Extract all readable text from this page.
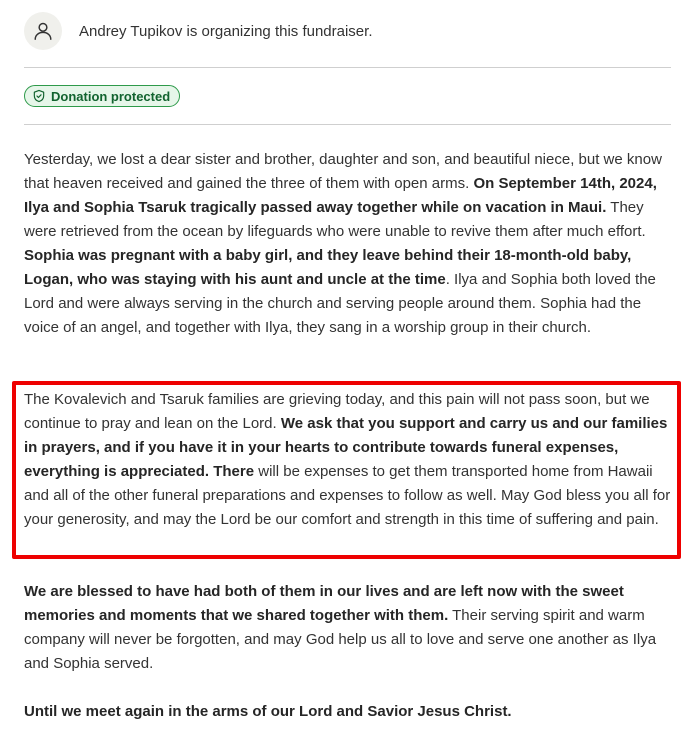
Andrey Tupikov is organizing this fundraiser.
Donation protected

Yesterday, we lost a dear sister and brother, daughter and son, and beautiful niece, but we know that heaven received and gained the three of them with open arms. On September 14th, 2024, Ilya and Sophia Tsaruk tragically passed away together while on vacation in Maui. They were retrieved from the ocean by lifeguards who were unable to revive them after much effort. Sophia was pregnant with a baby girl, and they leave behind their 18-month-old baby, Logan, who was staying with his aunt and uncle at the time. Ilya and Sophia both loved the Lord and were always serving in the church and serving people around them. Sophia had the voice of an angel, and together with Ilya, they sang in a worship group in their church.

The Kovalevich and Tsaruk families are grieving today, and this pain will not pass soon, but we continue to pray and lean on the Lord. We ask that you support and carry us and our families in prayers, and if you have it in your hearts to contribute towards funeral expenses, everything is appreciated. There will be expenses to get them transported home from Hawaii and all of the other funeral preparations and expenses to follow as well. May God bless you all for your generosity, and may the Lord be our comfort and strength in this time of suffering and pain.

We are blessed to have had both of them in our lives and are left now with the sweet memories and moments that we shared together with them. Their serving spirit and warm company will never be forgotten, and may God help us all to love and serve one another as Ilya and Sophia served.

Until we meet again in the arms of our Lord and Savior Jesus Christ.
